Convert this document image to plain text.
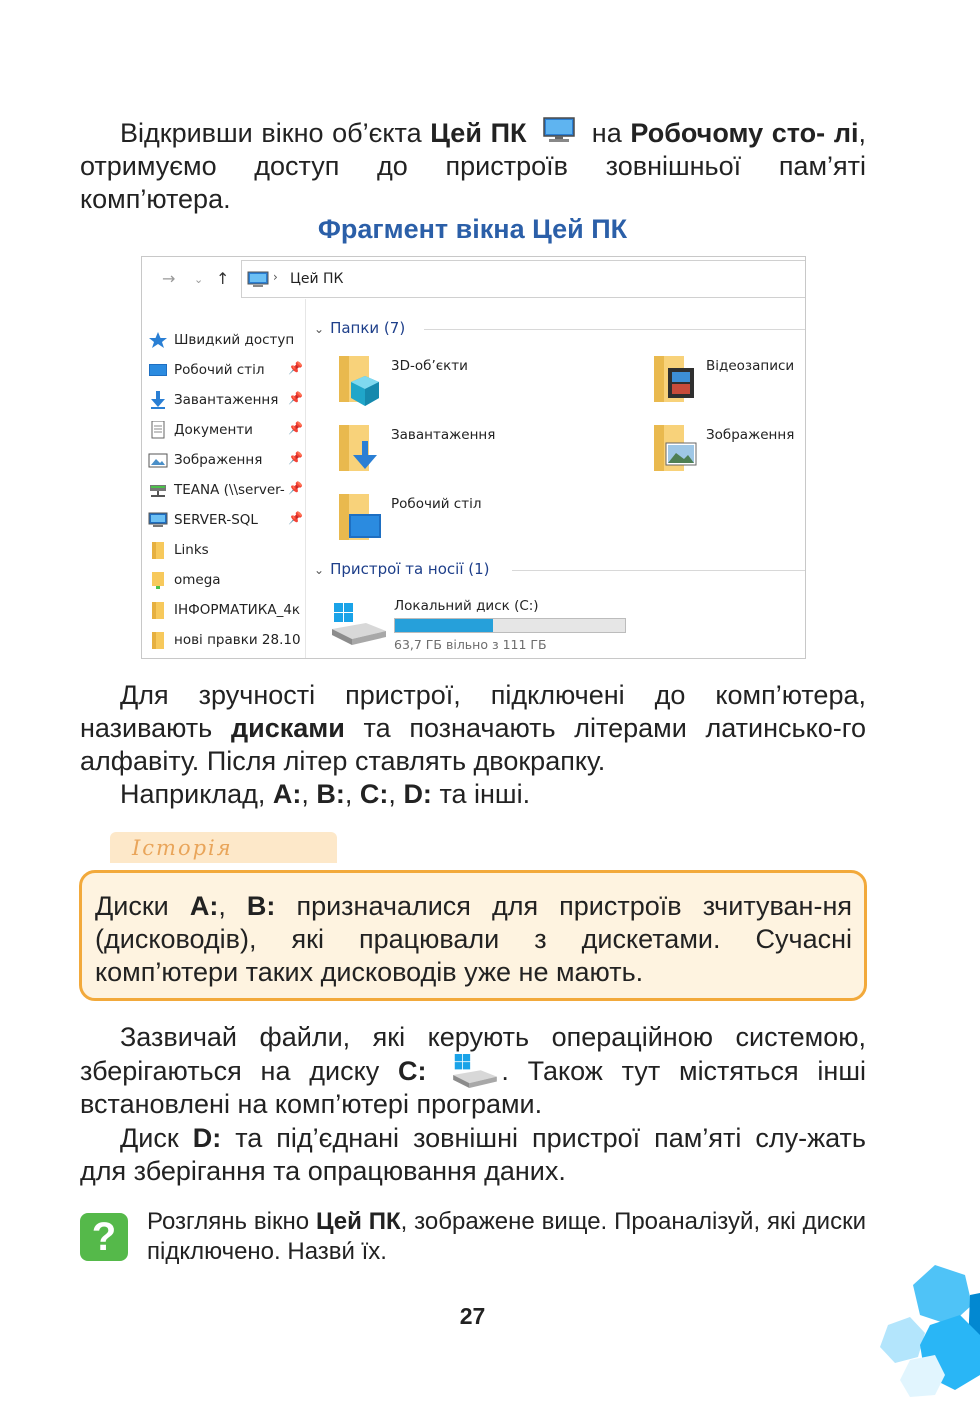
Відкривши вікно об’єкта Цей ПК  на Робочому сто- лі, отримуємо доступ до пристроїв зовнішньої пам’яті комп’ютера.
Фрагмент вікна Цей ПК
→ ⌄ ↑	› Цей ПК
Швидкий доступ
Робочий стіл 📌
Завантаження 📌
Документи	📌
Зображення 📌
TEANA (\\server- 📌
SERVER-SQL	📌
Links
omega
ІНФОРМАТИКА_4к
нові правки 28.10
⌄ Папки (7)
3D-об’єкти	Відеозаписи
Завантаження	Зображення
Робочий стіл
⌄ Пристрої та носії (1)
Локальний диск (C:)
63,7 ГБ вільно з 111 ГБ
Для зручності пристрої, підключені до комп’ютера, називають дисками та позначають літерами латинсько-го алфавіту. Після літер ставлять двокрапку.
Наприклад, A:, B:, C:, D: та інші.
Історія
Диски A:, B: призначалися для пристроїв зчитуван-ня (дисководів), які працювали з дискетами. Сучасні комп’ютери таких дисководів уже не мають.
Зазвичай файли, які керують операційною системою, зберігаються на диску C:	. Також тут містяться інші встановлені на комп’ютері програми.
Диск D: та під’єднані зовнішні пристрої пам’яті слу-жать для зберігання та опрацювання даних.
?	Розглянь вікно Цей ПК, зображене вище. Проаналізуй, які диски підключено. Назви́ їх.
27
